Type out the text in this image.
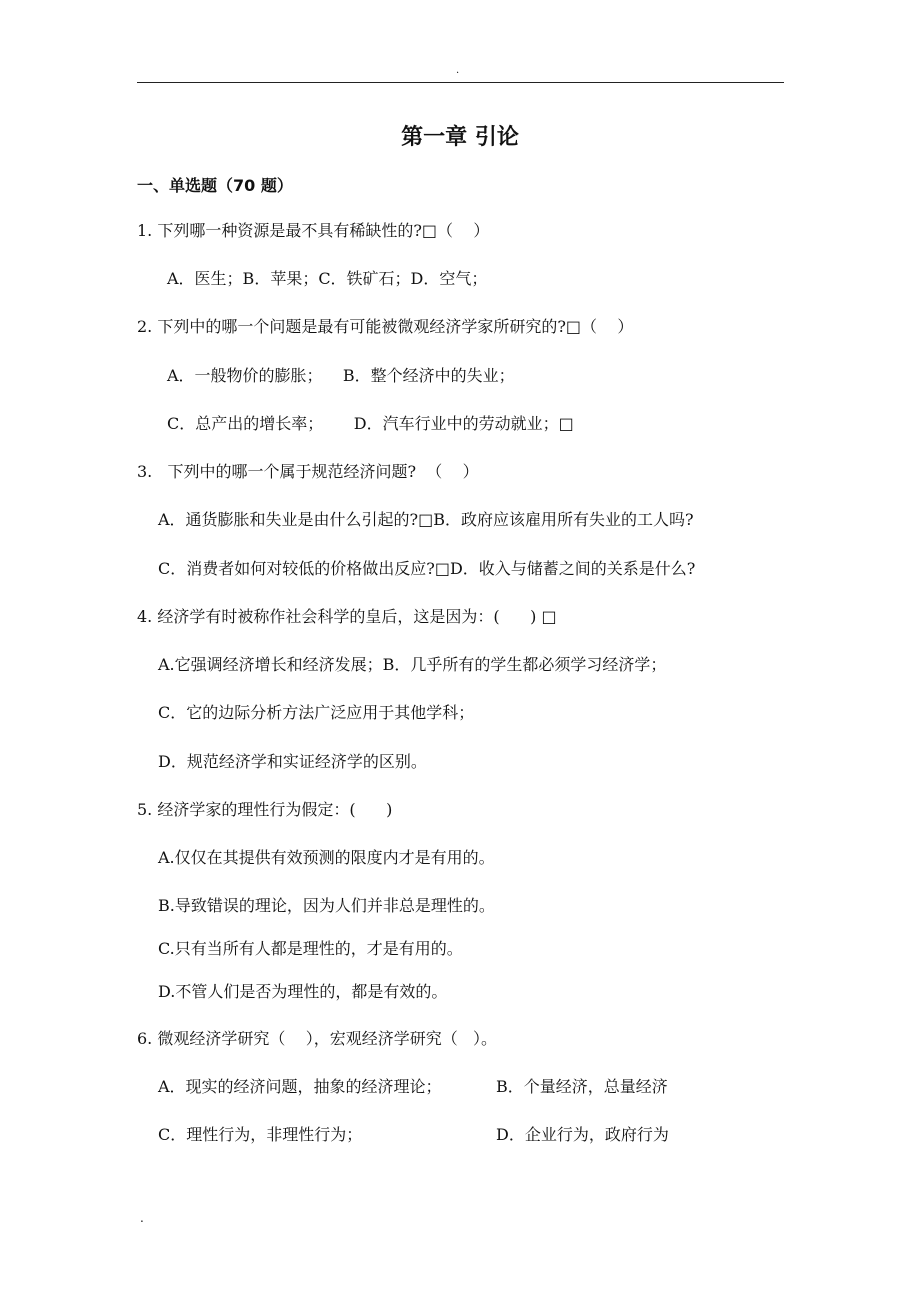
.
第一章 引论
一、单选题（70 题）
1. 下列哪一种资源是最不具有稀缺性的?□（    ）
A．医生；B．苹果；C．铁矿石；D．空气；
2. 下列中的哪一个问题是最有可能被微观经济学家所研究的?□（    ）
A．一般物价的膨胀；    B．整个经济中的失业；
C．总产出的增长率；      D．汽车行业中的劳动就业；□
3.   下列中的哪一个属于规范经济问题?  （    ）
A．通货膨胀和失业是由什么引起的?□B．政府应该雇用所有失业的工人吗?
C．消费者如何对较低的价格做出反应?□D．收入与储蓄之间的关系是什么?
4. 经济学有时被称作社会科学的皇后，这是因为：(      ) □
A.它强调经济增长和经济发展；B．几乎所有的学生都必须学习经济学；
C．它的边际分析方法广泛应用于其他学科；
D．规范经济学和实证经济学的区别。
5. 经济学家的理性行为假定：(      )
A.仅仅在其提供有效预测的限度内才是有用的。
B.导致错误的理论，因为人们并非总是理性的。
C.只有当所有人都是理性的，才是有用的。
D.不管人们是否为理性的，都是有效的。
6. 微观经济学研究（    ），宏观经济学研究（   ）。
A．现实的经济问题，抽象的经济理论；	B．个量经济，总量经济
C．理性行为，非理性行为；	D．企业行为，政府行为
.
